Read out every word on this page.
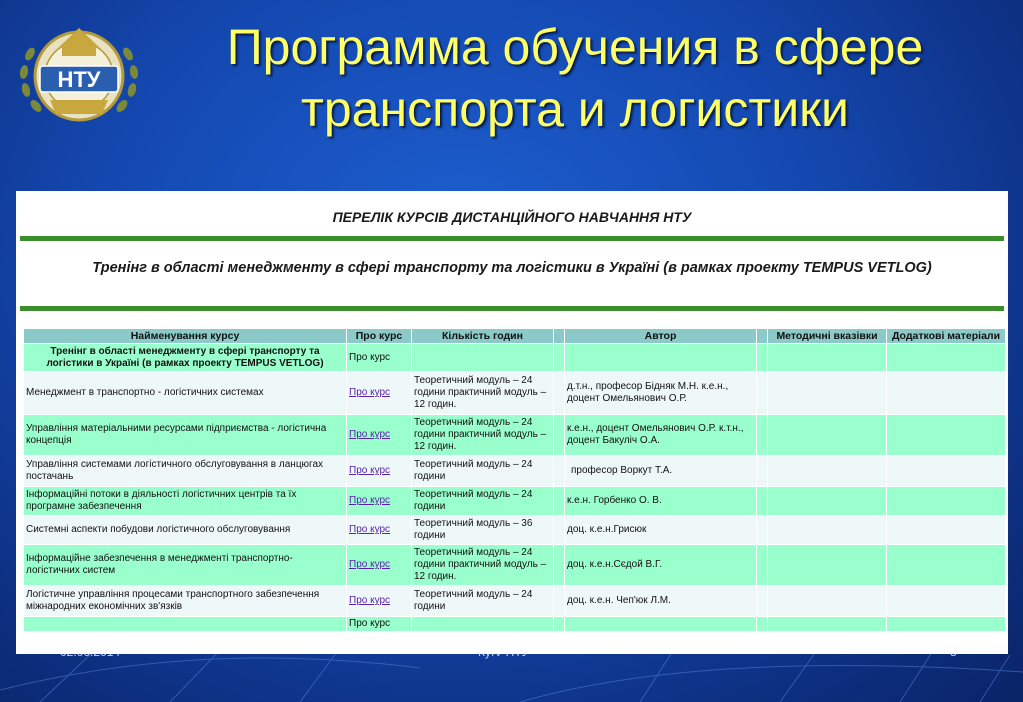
НТУ
Программа обучения в сфере
транспорта и логистики
ПЕРЕЛІК КУРСІВ ДИСТАНЦІЙНОГО НАВЧАННЯ НТУ
Тренінг в області менеджменту в сфері транспорту та логістики в Україні (в рамках проекту TEMPUS VETLOG)
Найменування курсу	Про курс	Кількість годин		Автор		Методичні вказівки	Додаткові матеріали
Тренінг в області менеджменту в сфері транспорту та логістики в Україні (в рамках проекту TEMPUS VETLOG)	Про курс						
Менеджмент в транспортно - логістичних системах	Про курс	Теоретичний модуль – 24 години практичний модуль – 12 годин.		д.т.н., професор Бідняк М.Н. к.е.н., доцент Омельянович О.Р.			
Управління матеріальними ресурсами підприємства - логістична концепція	Про курс	Теоретичний модуль – 24 години практичний модуль – 12 годин.		к.е.н., доцент Омельянович О.Р. к.т.н., доцент Бакуліч О.А.			
Управління системами логістичного обслуговування в ланцюгах постачань	Про курс	Теоретичний модуль – 24 години		професор Воркут Т.А.			
Інформаційні потоки в діяльності логістичних центрів та їх програмне забезпечення	Про курс	Теоретичний модуль – 24 години		к.е.н. Горбенко О. В.			
Системні аспекти побудови логістичного обслуговування	Про курс	Теоретичний модуль – 36 години		доц. к.е.н.Грисюк			
Інформаційне забезпечення в менеджменті транспортно-логістичних систем	Про курс	Теоретичний модуль – 24 години практичний модуль – 12 годин.		доц. к.е.н.Сєдой В.Г.			
Логістичне управління процесами транспортного забезпечення міжнародних економічних зв'язків	Про курс	Теоретичний модуль – 24 години		доц. к.е.н. Чеп'юк Л.М.			
	Про курс						
